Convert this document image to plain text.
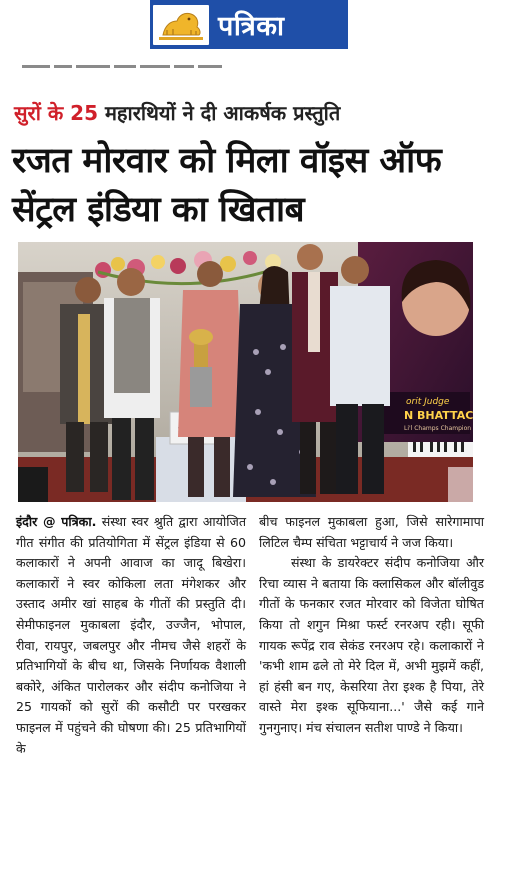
पत्रिका
सुरों के 25 महारथियों ने दी आकर्षक प्रस्तुति
रजत मोरवार को मिला वॉइस ऑफ सेंट्रल इंडिया का खिताब
orit Judge
N BHATTAC
Li'l Champs Champion

इंदौर @ पत्रिका. संस्था स्वर श्रुति द्वारा आयोजित गीत संगीत की प्रतियोगिता में सेंट्रल इंडिया से 60 कलाकारों ने अपनी आवाज का जादू बिखेरा। कलाकारों ने स्वर कोकिला लता मंगेशकर और उस्ताद अमीर खां साहब के गीतों की प्रस्तुति दी। सेमीफाइनल मुकाबला इंदौर, उज्जैन, भोपाल, रीवा, रायपुर, जबलपुर और नीमच जैसे शहरों के प्रतिभागियों के बीच था, जिसके निर्णायक वैशाली बकोरे, अंकित पारोलकर और संदीप कनोजिया ने 25 गायकों को सुरों की कसौटी पर परखकर फाइनल में पहुंचने की घोषणा की। 25 प्रतिभागियों के

बीच फाइनल मुकाबला हुआ, जिसे सारेगामापा लिटिल चैम्प संचिता भट्टाचार्य ने जज किया।

संस्था के डायरेक्टर संदीप कनोजिया और रिचा व्यास ने बताया कि क्लासिकल और बॉलीवुड गीतों के फनकार रजत मोरवार को विजेता घोषित किया तो शगुन मिश्रा फर्स्ट रनरअप रही। सूफी गायक रूपेंद्र राव सेकंड रनरअप रहे। कलाकारों ने 'कभी शाम ढले तो मेरे दिल में, अभी मुझमें कहीं, हां हंसी बन गए, केसरिया तेरा इश्क है पिया, तेरे वास्ते मेरा इश्क सूफियाना...' जैसे कई गाने गुनगुनाए। मंच संचालन सतीश पाण्डे ने किया।
